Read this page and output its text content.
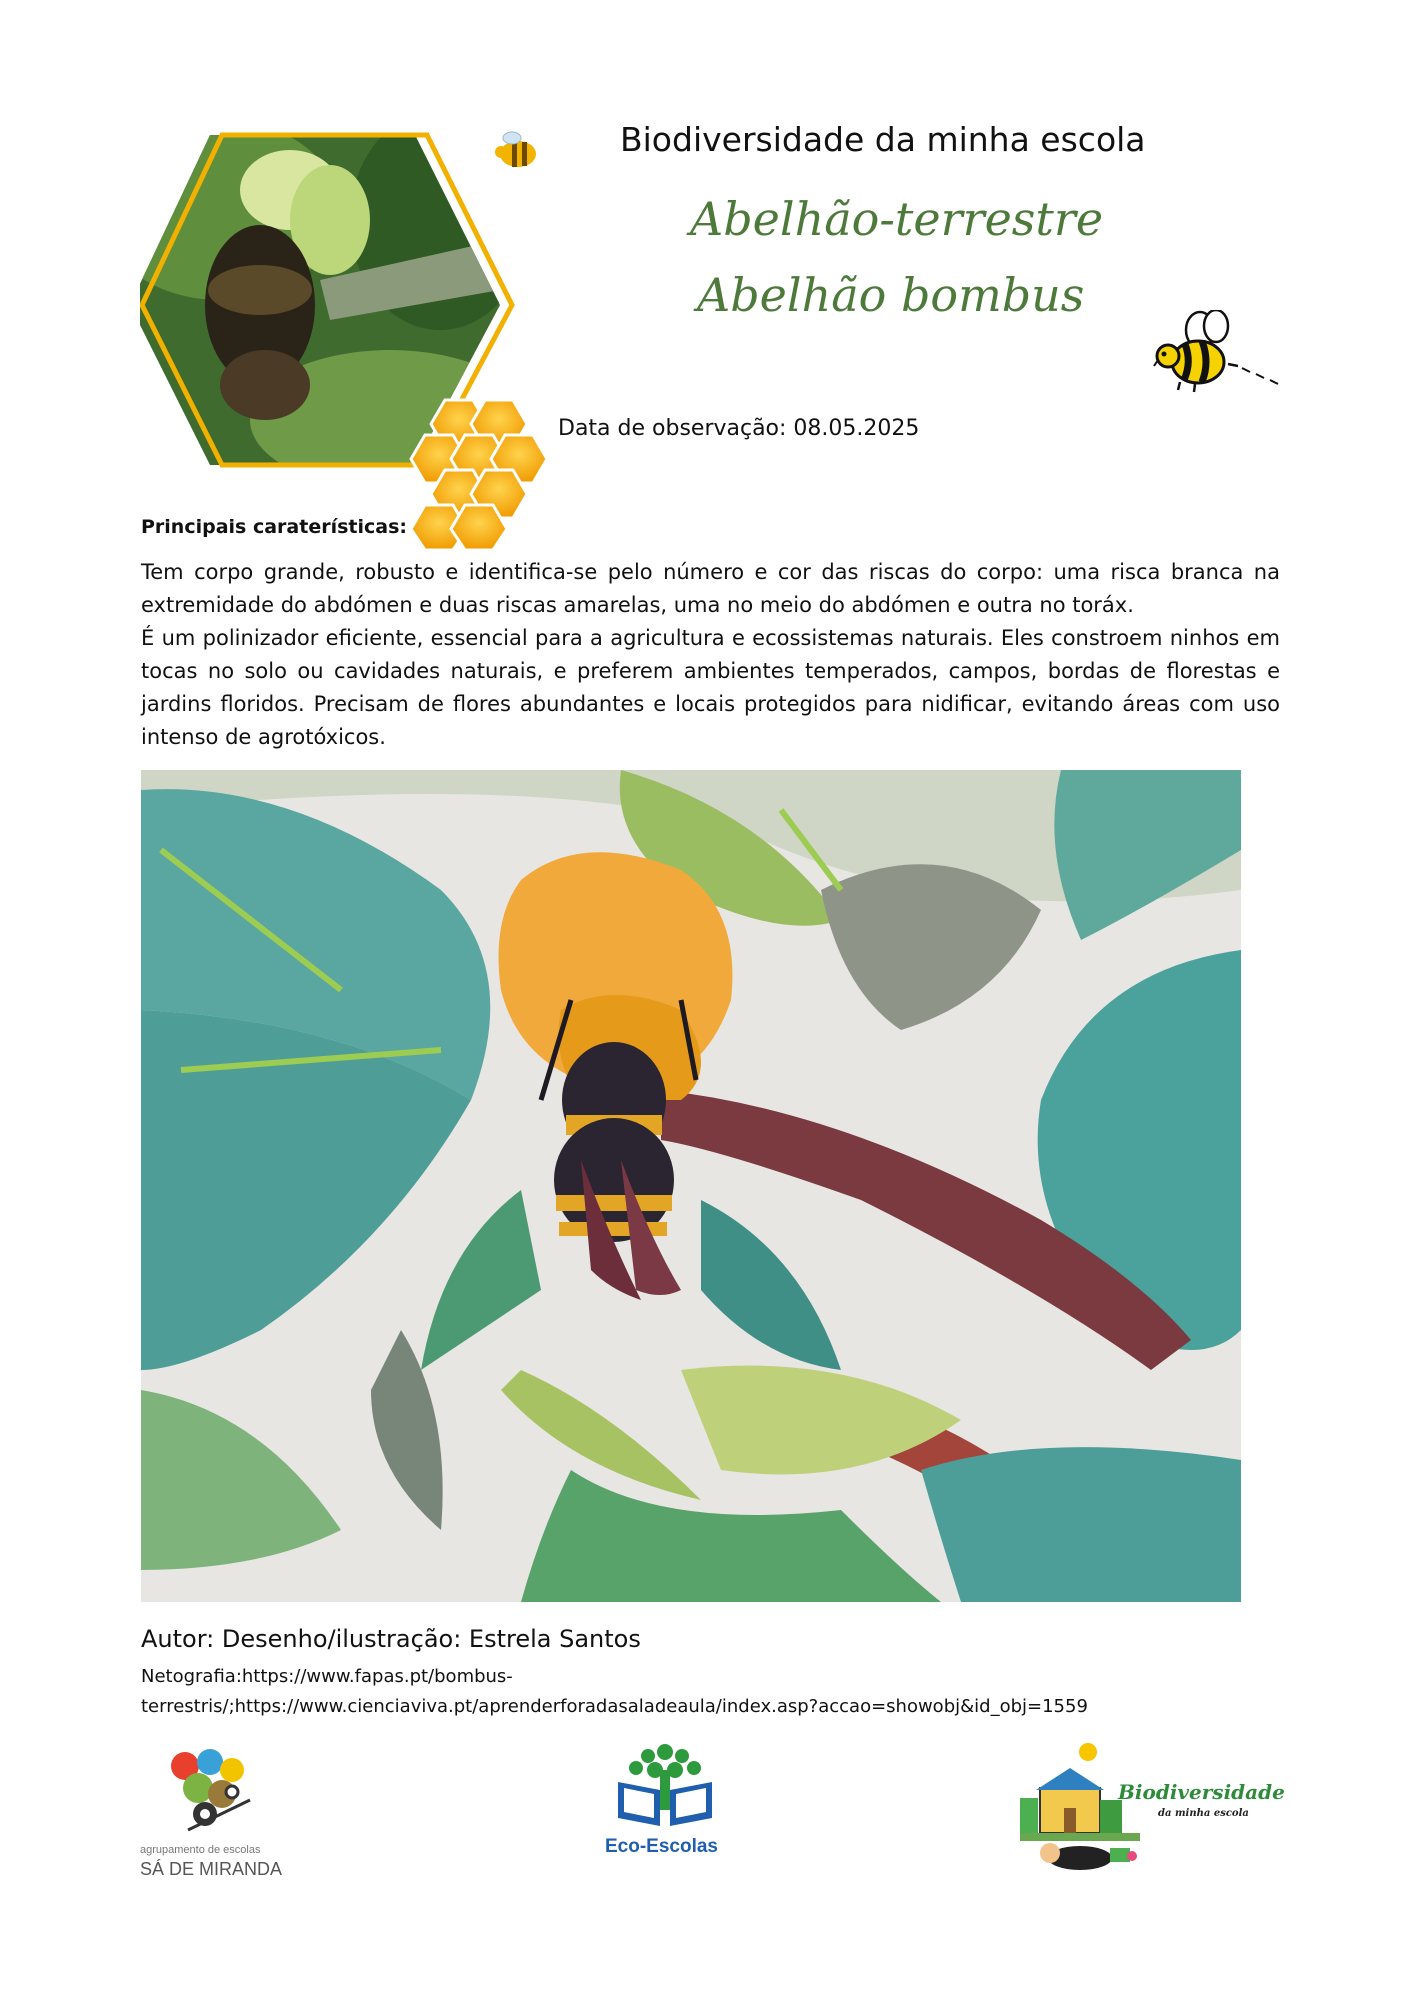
Biodiversidade da minha escola
Abelhão-terrestre
Abelhão bombus
Data de observação: 08.05.2025
Principais caraterísticas:

Tem corpo grande, robusto e identifica-se pelo número e cor das riscas do corpo: uma risca branca na extremidade do abdómen e duas riscas amarelas, uma no meio do abdómen e outra no toráx.

É um polinizador eficiente, essencial para a agricultura e ecossistemas naturais. Eles constroem ninhos em tocas no solo ou cavidades naturais, e preferem ambientes temperados, campos, bordas de florestas e jardins floridos. Precisam de flores abundantes e locais protegidos para nidificar, evitando áreas com uso intenso de agrotóxicos.

Autor: Desenho/ilustração: Estrela Santos
Netografia:https://www.fapas.pt/bombus-
terrestris/;https://www.cienciaviva.pt/aprenderforadasaladeaula/index.asp?accao=showobj&id_obj=1559
agrupamento de escolas
SÁ DE MIRANDA
Eco-Escolas
Biodiversidade
da minha escola
